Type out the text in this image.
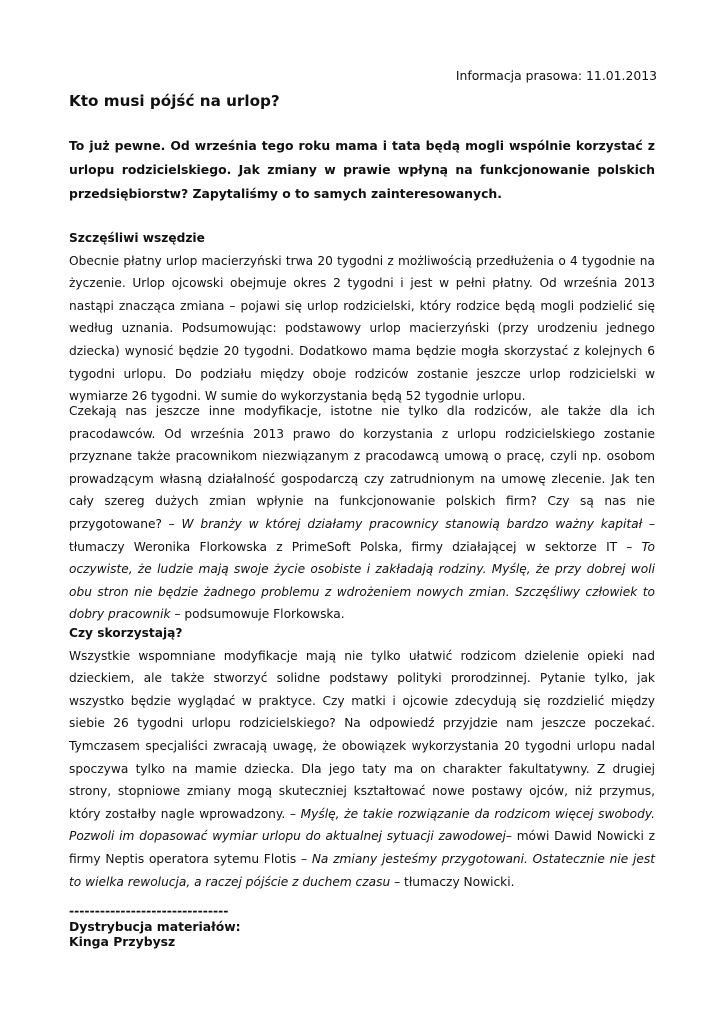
Informacja prasowa: 11.01.2013
Kto musi pójść na urlop?

To już pewne. Od września tego roku mama i tata będą mogli wspólnie korzystać z urlopu rodzicielskiego. Jak zmiany w prawie wpłyną na funkcjonowanie polskich przedsiębiorstw? Zapytaliśmy o to samych zainteresowanych.

Szczęśliwi wszędzie

Obecnie płatny urlop macierzyński trwa 20 tygodni z możliwością przedłużenia o 4 tygodnie na życzenie. Urlop ojcowski obejmuje okres 2 tygodni i jest w pełni płatny. Od września 2013 nastąpi znacząca zmiana – pojawi się urlop rodzicielski, który rodzice będą mogli podzielić się według uznania. Podsumowując: podstawowy urlop macierzyński (przy urodzeniu jednego dziecka) wynosić będzie 20 tygodni. Dodatkowo mama będzie mogła skorzystać z kolejnych 6 tygodni urlopu. Do podziału między oboje rodziców zostanie jeszcze urlop rodzicielski w wymiarze 26 tygodni. W sumie do wykorzystania będą 52 tygodnie urlopu.

Czekają nas jeszcze inne modyfikacje, istotne nie tylko dla rodziców, ale także dla ich pracodawców. Od września 2013 prawo do korzystania z urlopu rodzicielskiego zostanie przyznane także pracownikom niezwiązanym z pracodawcą umową o pracę, czyli np. osobom prowadzącym własną działalność gospodarczą czy zatrudnionym na umowę zlecenie. Jak ten cały szereg dużych zmian wpłynie na funkcjonowanie polskich firm? Czy są nas nie przygotowane? – W branży w której działamy pracownicy stanowią bardzo ważny kapitał – tłumaczy Weronika Florkowska z PrimeSoft Polska, firmy działającej w sektorze IT – To oczywiste, że ludzie mają swoje życie osobiste i zakładają rodziny. Myślę, że przy dobrej woli obu stron nie będzie żadnego problemu z wdrożeniem nowych zmian. Szczęśliwy człowiek to dobry pracownik – podsumowuje Florkowska.

Czy skorzystają?

Wszystkie wspomniane modyfikacje mają nie tylko ułatwić rodzicom dzielenie opieki nad dzieckiem, ale także stworzyć solidne podstawy polityki prorodzinnej. Pytanie tylko, jak wszystko będzie wyglądać w praktyce. Czy matki i ojcowie zdecydują się rozdzielić między siebie 26 tygodni urlopu rodzicielskiego? Na odpowiedź przyjdzie nam jeszcze poczekać. Tymczasem specjaliści zwracają uwagę, że obowiązek wykorzystania 20 tygodni urlopu nadal spoczywa tylko na mamie dziecka. Dla jego taty ma on charakter fakultatywny. Z drugiej strony, stopniowe zmiany mogą skuteczniej kształtować nowe postawy ojców, niż przymus, który zostałby nagle wprowadzony. – Myślę, że takie rozwiązanie da rodzicom więcej swobody. Pozwoli im dopasować wymiar urlopu do aktualnej sytuacji zawodowej– mówi Dawid Nowicki z firmy Neptis operatora sytemu Flotis – Na zmiany jesteśmy przygotowani. Ostatecznie nie jest to wielka rewolucja, a raczej pójście z duchem czasu – tłumaczy Nowicki.

-------------------------------
Dystrybucja materiałów:
Kinga Przybysz
